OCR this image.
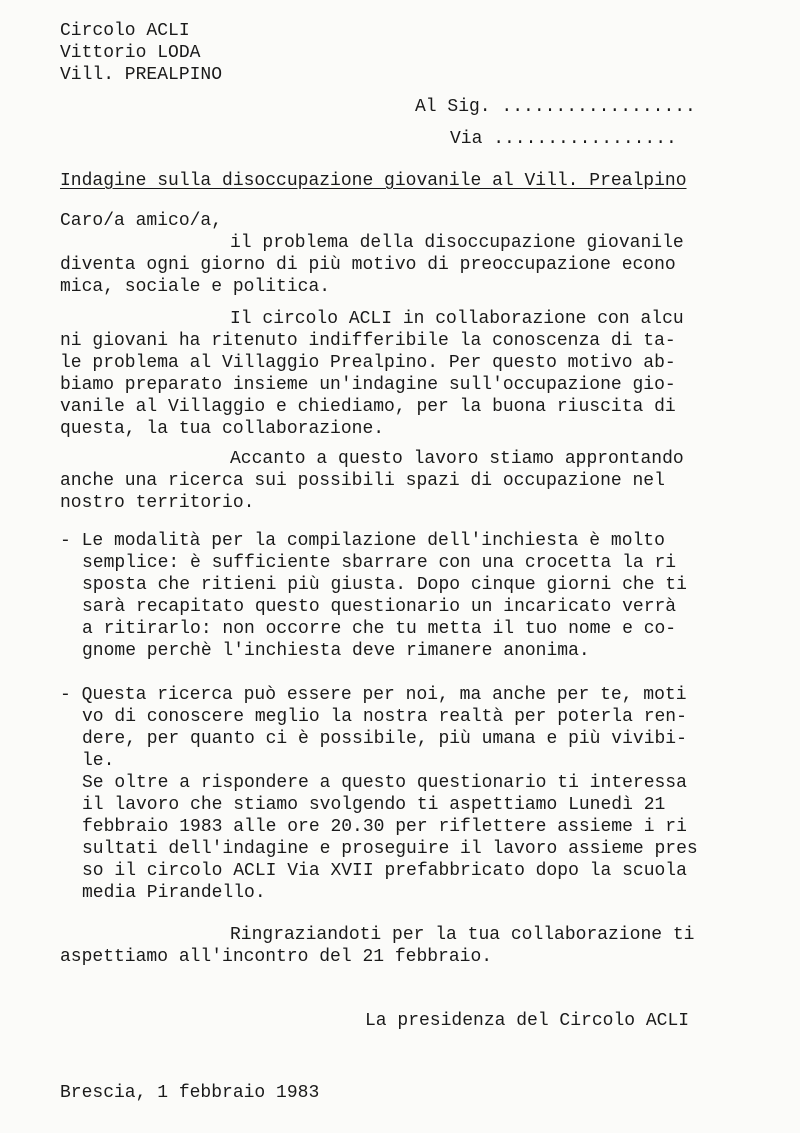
Circolo ACLI
Vittorio LODA
Vill. PREALPINO
Al Sig. ..................
Via .................
Indagine sulla disoccupazione giovanile al Vill. Prealpino
Caro/a amico/a,
il problema della disoccupazione giovanile
diventa ogni giorno di più motivo di preoccupazione econo
mica, sociale e politica.
Il circolo ACLI in collaborazione con alcu
ni giovani ha ritenuto indifferibile la conoscenza di ta-
le problema al Villaggio Prealpino. Per questo motivo ab-
biamo preparato insieme un'indagine sull'occupazione gio-
vanile al Villaggio e chiediamo, per la buona riuscita di
questa, la tua collaborazione.
Accanto a questo lavoro stiamo approntando
anche una ricerca sui possibili spazi di occupazione nel
nostro territorio.
- Le modalità per la compilazione dell'inchiesta è molto
semplice: è sufficiente sbarrare con una crocetta la ri
sposta che ritieni più giusta. Dopo cinque giorni che ti
sarà recapitato questo questionario un incaricato verrà
a ritirarlo: non occorre che tu metta il tuo nome e co-
gnome perchè l'inchiesta deve rimanere anonima.
- Questa ricerca può essere per noi, ma anche per te, moti
vo di conoscere meglio la nostra realtà per poterla ren-
dere, per quanto ci è possibile, più umana e più vivibi-
le.
Se oltre a rispondere a questo questionario ti interessa
il lavoro che stiamo svolgendo ti aspettiamo Lunedì 21
febbraio 1983 alle ore 20.30 per riflettere assieme i ri
sultati dell'indagine e proseguire il lavoro assieme pres
so il circolo ACLI Via XVII prefabbricato dopo la scuola
media Pirandello.
Ringraziandoti per la tua collaborazione ti
aspettiamo all'incontro del 21 febbraio.
La presidenza del Circolo ACLI
Brescia, 1 febbraio 1983
